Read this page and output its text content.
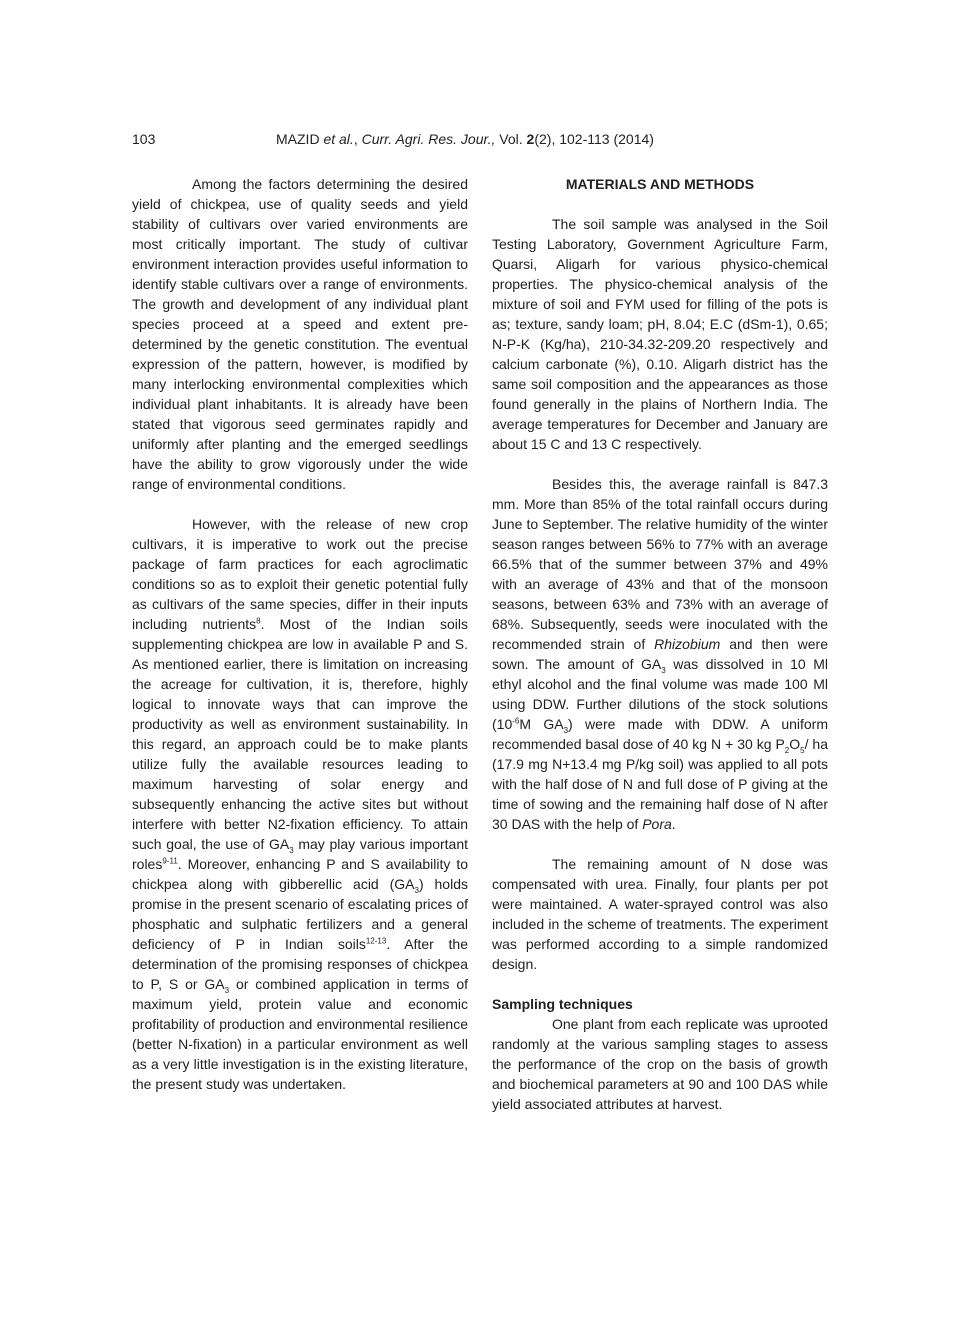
103	MAZID et al., Curr. Agri. Res. Jour., Vol. 2(2), 102-113 (2014)

Among the factors determining the desired yield of chickpea, use of quality seeds and yield stability of cultivars over varied environments are most critically important. The study of cultivar environment interaction provides useful information to identify stable cultivars over a range of environments. The growth and development of any individual plant species proceed at a speed and extent pre-determined by the genetic constitution. The eventual expression of the pattern, however, is modified by many interlocking environmental complexities which individual plant inhabitants. It is already have been stated that vigorous seed germinates rapidly and uniformly after planting and the emerged seedlings have the ability to grow vigorously under the wide range of environmental conditions.

However, with the release of new crop cultivars, it is imperative to work out the precise package of farm practices for each agroclimatic conditions so as to exploit their genetic potential fully as cultivars of the same species, differ in their inputs including nutrients$^8$. Most of the Indian soils supplementing chickpea are low in available P and S. As mentioned earlier, there is limitation on increasing the acreage for cultivation, it is, therefore, highly logical to innovate ways that can improve the productivity as well as environment sustainability. In this regard, an approach could be to make plants utilize fully the available resources leading to maximum harvesting of solar energy and subsequently enhancing the active sites but without interfere with better N2-fixation efficiency. To attain such goal, the use of $GA_3$ may play various important roles$^{9-11}$. Moreover, enhancing P and S availability to chickpea along with gibberellic acid $(GA_3)$ holds promise in the present scenario of escalating prices of phosphatic and sulphatic fertilizers and a general deficiency of P in Indian soils$^{12-13}$. After the determination of the promising responses of chickpea to P, S or $GA_3$ or combined application in terms of maximum yield, protein value and economic profitability of production and environmental resilience (better N-fixation) in a particular environment as well as a very little investigation is in the existing literature, the present study was undertaken.

MATERIALS AND METHODS

The soil sample was analysed in the Soil Testing Laboratory, Government Agriculture Farm, Quarsi, Aligarh for various physico-chemical properties. The physico-chemical analysis of the mixture of soil and FYM used for filling of the pots is as; texture, sandy loam; pH, 8.04; E.C (dSm-1), 0.65; N-P-K (Kg/ha), 210-34.32-209.20 respectively and calcium carbonate (%), 0.10. Aligarh district has the same soil composition and the appearances as those found generally in the plains of Northern India. The average temperatures for December and January are about 15 C and 13 C respectively.

Besides this, the average rainfall is 847.3 mm. More than 85% of the total rainfall occurs during June to September. The relative humidity of the winter season ranges between 56% to 77% with an average 66.5% that of the summer between 37% and 49% with an average of 43% and that of the monsoon seasons, between 63% and 73% with an average of 68%. Subsequently, seeds were inoculated with the recommended strain of Rhizobium and then were sown. The amount of $GA_3$ was dissolved in 10 Ml ethyl alcohol and the final volume was made 100 Ml using DDW. Further dilutions of the stock solutions ($10^{-6}M$ $GA_3$) were made with DDW. A uniform recommended basal dose of 40 kg N + 30 kg $P_2O_5/$ ha (17.9 mg N+13.4 mg P/kg soil) was applied to all pots with the half dose of N and full dose of P giving at the time of sowing and the remaining half dose of N after 30 DAS with the help of Pora.

The remaining amount of N dose was compensated with urea. Finally, four plants per pot were maintained. A water-sprayed control was also included in the scheme of treatments. The experiment was performed according to a simple randomized design.

Sampling techniques

One plant from each replicate was uprooted randomly at the various sampling stages to assess the performance of the crop on the basis of growth and biochemical parameters at 90 and 100 DAS while yield associated attributes at harvest.
